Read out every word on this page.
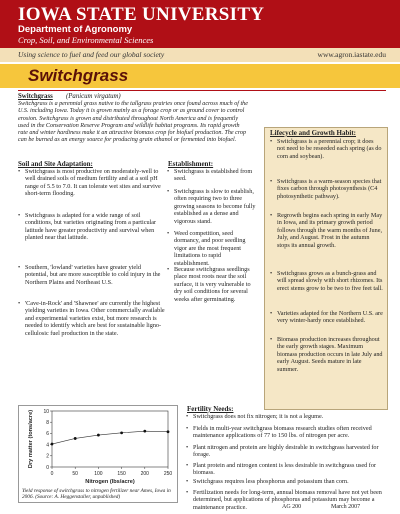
IOWA STATE UNIVERSITY
Department of Agronomy
Crop, Soil, and Environmental Sciences
Using science to fuel and feed our global society	www.agron.iastate.edu
Switchgrass
Switchgrass (Panicum virgatum)
Switchgrass is a perennial grass native to the tallgrass prairies once found across much of the U.S. including Iowa. Today it is grown mainly as a forage crop or as ground cover to control erosion. Switchgrass is grown and distributed throughout North America and is frequently used in the Conservation Reserve Program and wildlife habitat programs. Its rapid growth rate and winter hardiness make it an attractive biomass crop for biofuel production. The crop can be burned as an energy source for producing grain ethanol or fermented into biofuel.
Soil and Site Adaptation:
• Switchgrass is most productive on moderately-well to well drained soils of medium fertility and at a soil pH range of 5.5 to 7.0. It can tolerate wet sites and survive short-term flooding.
• Switchgrass is adapted for a wide range of soil conditions, but varieties originating from a particular latitude have greater productivity and survival when planted near that latitude.
• Southern, 'lowland' varieties have greater yield potential, but are more susceptible to cold injury in the Northern Plains and Northeast U.S.
• 'Cave-in-Rock' and 'Shawnee' are currently the highest yielding varieties in Iowa. Other commercially available and experimental varieties exist, but more research is needed to identify which are best for sustainable ligno-cellulosic fuel production in the state.
Establishment:
• Switchgrass is established from seed.
• Switchgrass is slow to establish, often requiring two to three growing seasons to become fully established as a dense and vigorous stand.
• Weed competition, seed dormancy, and poor seedling vigor are the most frequent limitations to rapid establishment.
• Because switchgrass seedlings place most roots near the soil surface, it is very vulnerable to dry soil conditions for several weeks after germinating.
Lifecycle and Growth Habit:
• Switchgrass is a perennial crop; it does not need to be reseeded each spring (as do corn and soybean).
• Switchgrass is a warm-season species that fixes carbon through photosynthesis (C4 photosynthetic pathway).
• Regrowth begins each spring in early May in Iowa, and its primary growth period follows through the warm months of June, July, and August. Frost in the autumn stops its annual growth.
• Switchgrass grows as a bunch-grass and will spread slowly with short rhizomes. Its erect stems grow to be two to five feet tall.
• Varieties adapted for the Northern U.S. are very winter-hardy once established.
• Biomass production increases throughout the early growth stages. Maximum biomass production occurs in late July and early August. Seeds mature in late summer.
0
2
4
6
8
10
0	50	100	150	200	250
Nitrogen (lbs/acre)
Dry matter (tons/acre)
Yield response of switchgrass to nitrogen fertilizer near Ames, Iowa in 2006. (Source: A. Heggenstaller, unpublished)
Fertility Needs:
• Switchgrass does not fix nitrogen; it is not a legume.
• Fields in multi-year switchgrass biomass research studies often received maintenance applications of 77 to 150 lbs. of nitrogen per acre.
• Plant nitrogen and protein are highly desirable in switchgrass harvested for forage.
• Plant protein and nitrogen content is less desirable in switchgrass used for biomass.
• Switchgrass requires less phosphorus and potassium than corn.
• Fertilization needs for long-term, annual biomass removal have not yet been determined, but applications of phosphorus and potassium may become a maintenance practice.	AG 200	March 2007
